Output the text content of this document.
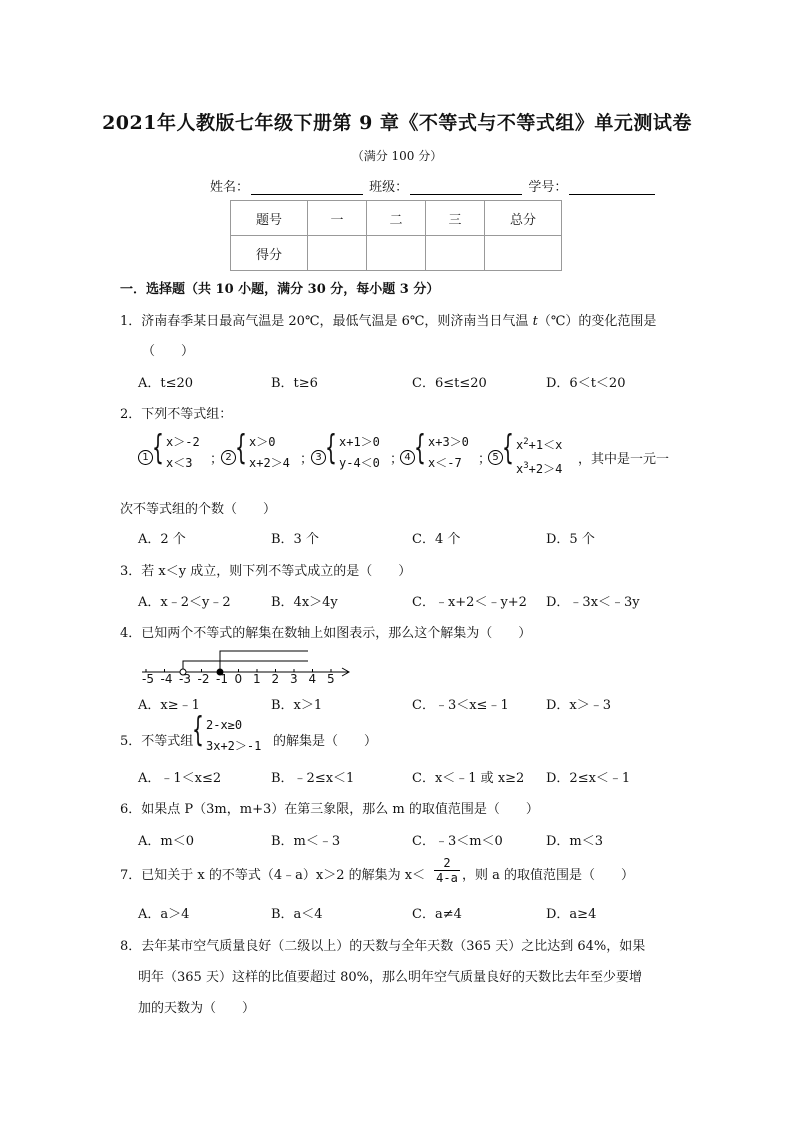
2021年人教版七年级下册第 9 章《不等式与不等式组》单元测试卷
（满分 100 分）
姓名：	班级：	学号：
题号	一	二	三	总分
得分				
一．选择题（共 10 小题，满分 30 分，每小题 3 分）
1．济南春季某日最高气温是 20℃，最低气温是 6℃，则济南当日气温 t（℃）的变化范围是
（　　）
A．t≤20	B．t≥6	C．6≤t≤20	D．6＜t＜20
2．下列不等式组：
1 { x＞-2
x＜3	； 2 { x＞0
x+2＞4 ； 3 { x+1＞0
y-4＜0 ； 4 { x+3＞0
x＜-7	； 5 { $x^2+1<x$
$x^3+2>4$
，其中是一元一
次不等式组的个数（　　）
A．2 个	B．3 个	C．4 个	D．5 个
3．若 x＜y 成立，则下列不等式成立的是（　　）
A．x﹣2＜y﹣2	B．4x＞4y	C．﹣x+2＜﹣y+2 D．﹣3x＜﹣3y
4．已知两个不等式的解集在数轴上如图表示，那么这个解集为（　　）
-5 -4 -3 -2 -1 0 1 2 3 4 5
A．x≥﹣1	B．x＞1	C．﹣3＜x≤﹣1	D．x＞﹣3
5．不等式组
{ 2-x≥0
3x+2＞-1 的解集是（　　）
A．﹣1＜x≤2	B．﹣2≤x＜1	C．x＜﹣1 或 x≥2 D．2≤x＜﹣1
6．如果点 P（3m，m+3）在第三象限，那么 m 的取值范围是（　　）
A．m＜0	B．m＜﹣3	C．﹣3＜m＜0	D．m＜3
7．已知关于 x 的不等式（4﹣a）x＞2 的解集为 $x< \frac{2}{4-a}$ ，则 a 的取值范围是（　　）
A．a＞4	B．a＜4	C．a≠4	D．a≥4
8．去年某市空气质量良好（二级以上）的天数与全年天数（365 天）之比达到 64%，如果
明年（365 天）这样的比值要超过 80%，那么明年空气质量良好的天数比去年至少要增
加的天数为（　　）
